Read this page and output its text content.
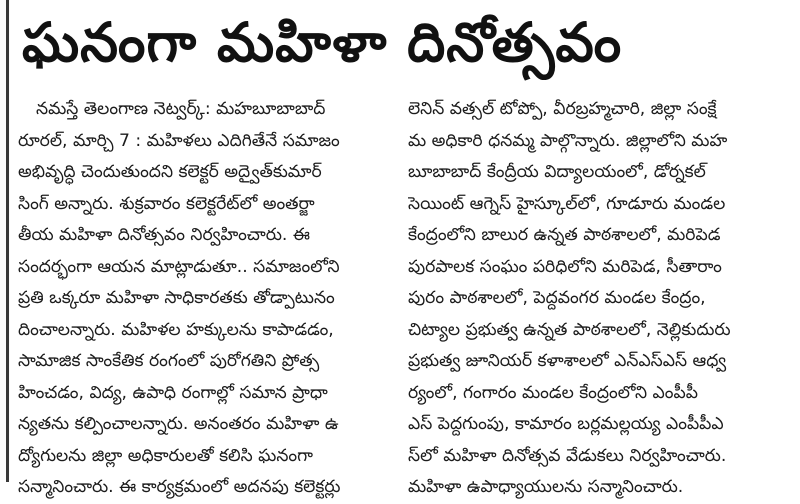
ఘనంగా మహిళా దినోత్సవం
నమస్తే తెలంగాణ నెట్వర్క్: మహబూబాబాద్
రూరల్, మార్చి 7 : మహిళలు ఎదిగితేనే సమాజం
అభివృద్ధి చెందుతుందని కలెక్టర్ అద్వైత్‌కుమార్
సింగ్ అన్నారు. శుక్రవారం కలెక్టరేట్‌లో అంతర్జా
తీయ మహిళా దినోత్సవం నిర్వహించారు. ఈ
సందర్భంగా ఆయన మాట్లాడుతూ.. సమాజంలోని
ప్రతి ఒక్కరూ మహిళా సాధికారతకు తోడ్పాటునం
దించాలన్నారు. మహిళల హక్కులను కాపాడడం,
సామాజిక సాంకేతిక రంగంలో పురోగతిని ప్రోత్స
హించడం, విద్య, ఉపాధి రంగాల్లో సమాన ప్రాధా
న్యతను కల్పించాలన్నారు. అనంతరం మహిళా ఉ
ద్యోగులను జిల్లా అధికారులతో కలిసి ఘనంగా
సన్మానించారు. ఈ కార్యక్రమంలో అదనపు కలెక్టర్లు
లెనిన్ వత్సల్ టోప్పో, వీరబ్రహ్మచారి, జిల్లా సంక్షే
మ అధికారి ధనమ్మ పాల్గొన్నారు. జిల్లాలోని మహ
బూబాబాద్ కేంద్రీయ విద్యాలయంలో, డోర్నకల్
సెయింట్ ఆగ్నెస్ హైస్కూల్‌లో, గూడూరు మండల
కేంద్రంలోని బాలుర ఉన్నత పాఠశాలలో, మరిపెడ
పురపాలక సంఘం పరిధిలోని మరిపెడ, సీతారాం
పురం పాఠశాలలో, పెద్దవంగర మండల కేంద్రం,
చిట్యాల ప్రభుత్వ ఉన్నత పాఠశాలలో, నెల్లికుదురు
ప్రభుత్వ జూనియర్ కళాశాలలో ఎన్ఎస్ఎస్ ఆధ్వ
ర్యంలో, గంగారం మండల కేంద్రంలోని ఎంపీపీ
ఎస్ పెద్దగుంపు, కామారం బర్లమల్లయ్య ఎంపీపీఎ
స్‌లో మహిళా దినోత్సవ వేడుకలు నిర్వహించారు.
మహిళా ఉపాధ్యాయులను సన్మానించారు.
